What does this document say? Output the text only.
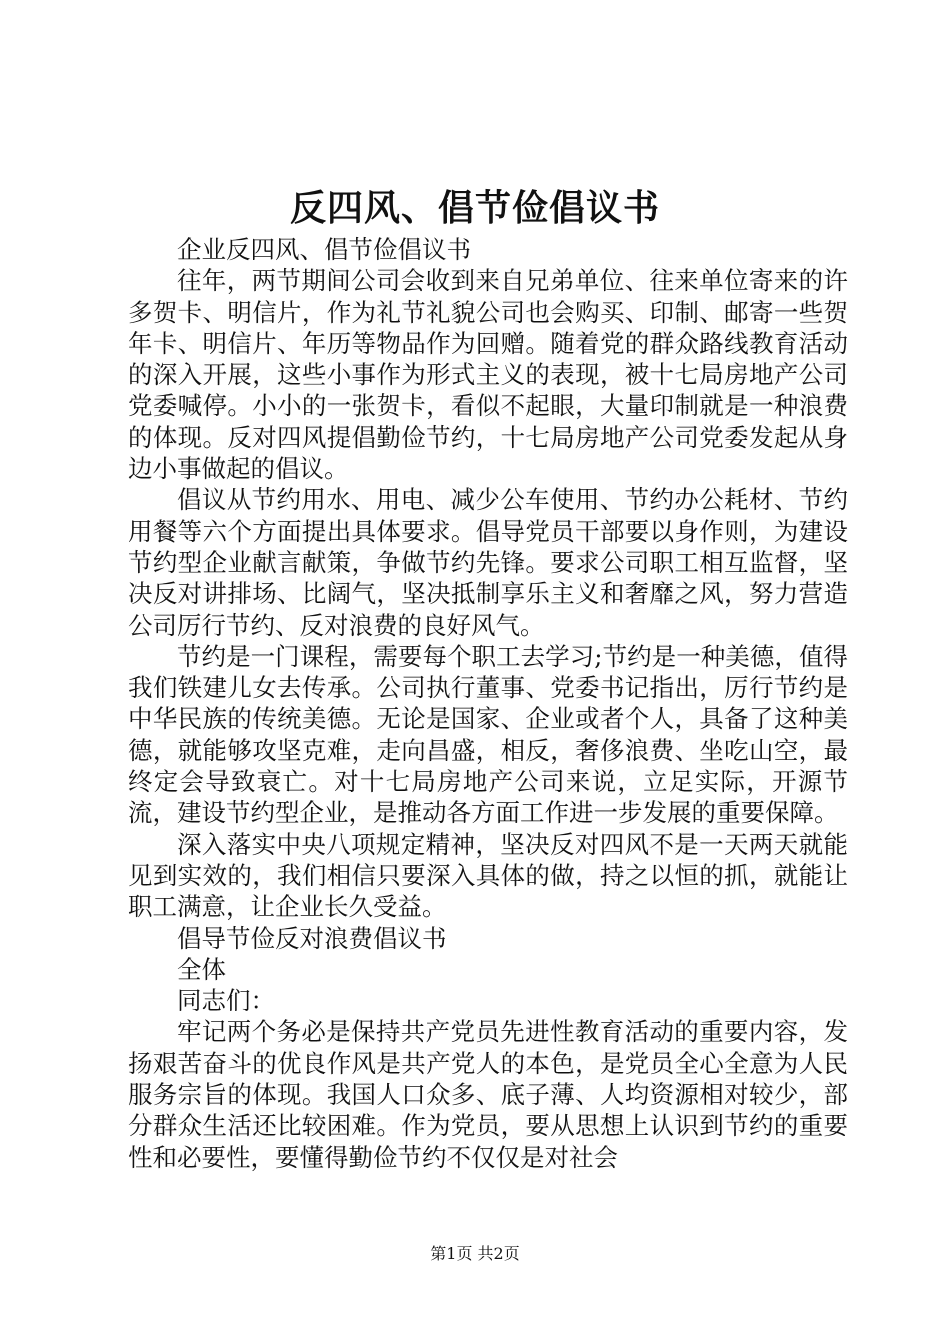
反四风、倡节俭倡议书

企业反四风、倡节俭倡议书

往年，两节期间公司会收到来自兄弟单位、往来单位寄来的许多贺卡、明信片，作为礼节礼貌公司也会购买、印制、邮寄一些贺年卡、明信片、年历等物品作为回赠。随着党的群众路线教育活动的深入开展，这些小事作为形式主义的表现，被十七局房地产公司党委喊停。小小的一张贺卡，看似不起眼，大量印制就是一种浪费的体现。反对四风提倡勤俭节约，十七局房地产公司党委发起从身边小事做起的倡议。

倡议从节约用水、用电、减少公车使用、节约办公耗材、节约用餐等六个方面提出具体要求。倡导党员干部要以身作则，为建设节约型企业献言献策，争做节约先锋。要求公司职工相互监督，坚决反对讲排场、比阔气，坚决抵制享乐主义和奢靡之风，努力营造公司厉行节约、反对浪费的良好风气。

节约是一门课程，需要每个职工去学习;节约是一种美德，值得我们铁建儿女去传承。公司执行董事、党委书记指出，厉行节约是中华民族的传统美德。无论是国家、企业或者个人，具备了这种美德，就能够攻坚克难，走向昌盛，相反，奢侈浪费、坐吃山空，最终定会导致衰亡。对十七局房地产公司来说，立足实际，开源节流，建设节约型企业，是推动各方面工作进一步发展的重要保障。

深入落实中央八项规定精神，坚决反对四风不是一天两天就能见到实效的，我们相信只要深入具体的做，持之以恒的抓，就能让职工满意，让企业长久受益。

倡导节俭反对浪费倡议书

全体

同志们：

牢记两个务必是保持共产党员先进性教育活动的重要内容，发扬艰苦奋斗的优良作风是共产党人的本色，是党员全心全意为人民服务宗旨的体现。我国人口众多、底子薄、人均资源相对较少，部分群众生活还比较困难。作为党员，要从思想上认识到节约的重要性和必要性，要懂得勤俭节约不仅仅是对社会

第1页 共2页
